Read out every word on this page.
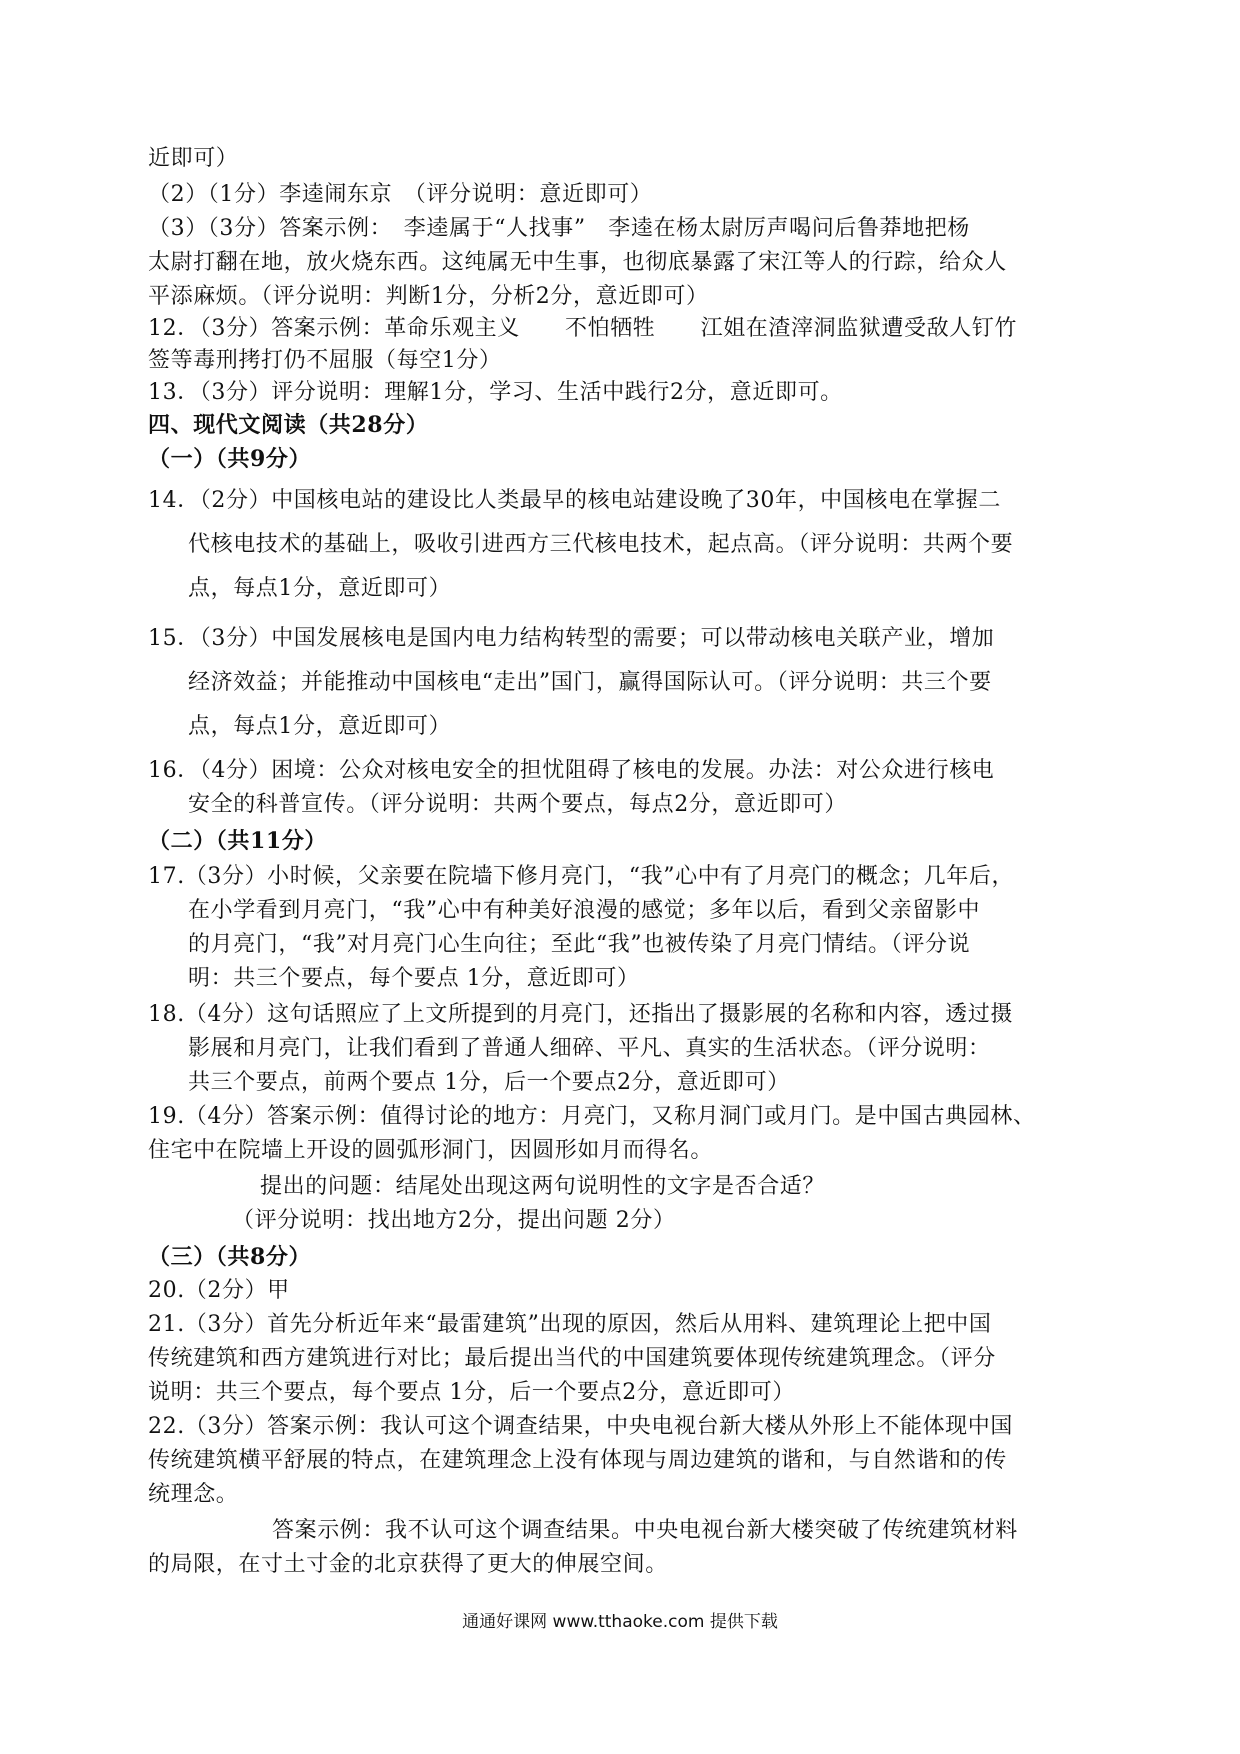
近即可）
（2）（1分）李逵闹东京　（评分说明：意近即可）
（3）（3分）答案示例：　李逵属于“人找事”　李逵在杨太尉厉声喝问后鲁莽地把杨
太尉打翻在地，放火烧东西。这纯属无中生事，也彻底暴露了宋江等人的行踪，给众人
平添麻烦。（评分说明：判断1分，分析2分，意近即可）
12．（3分）答案示例：革命乐观主义　　不怕牺牲　　江姐在渣滓洞监狱遭受敌人钉竹
签等毒刑拷打仍不屈服（每空1分）
13．（3分）评分说明：理解1分，学习、生活中践行2分，意近即可。
四、现代文阅读（共28分）
（一）（共9分）
14．（2分）中国核电站的建设比人类最早的核电站建设晚了30年，中国核电在掌握二
代核电技术的基础上，吸收引进西方三代核电技术，起点高。（评分说明：共两个要
点，每点1分，意近即可）
15．（3分）中国发展核电是国内电力结构转型的需要；可以带动核电关联产业，增加
经济效益；并能推动中国核电“走出”国门，赢得国际认可。（评分说明：共三个要
点，每点1分，意近即可）
16．（4分）困境：公众对核电安全的担忧阻碍了核电的发展。办法：对公众进行核电
安全的科普宣传。（评分说明：共两个要点，每点2分，意近即可）
（二）（共11分）
17.（3分）小时候，父亲要在院墙下修月亮门，“我”心中有了月亮门的概念；几年后，
在小学看到月亮门，“我”心中有种美好浪漫的感觉；多年以后，看到父亲留影中
的月亮门，“我”对月亮门心生向往；至此“我”也被传染了月亮门情结。（评分说
明：共三个要点，每个要点 1分，意近即可）
18.（4分）这句话照应了上文所提到的月亮门，还指出了摄影展的名称和内容，透过摄
影展和月亮门，让我们看到了普通人细碎、平凡、真实的生活状态。（评分说明：
共三个要点，前两个要点 1分，后一个要点2分，意近即可）
19.（4分）答案示例：值得讨论的地方：月亮门，又称月洞门或月门。是中国古典园林、
住宅中在院墙上开设的圆弧形洞门，因圆形如月而得名。
提出的问题：结尾处出现这两句说明性的文字是否合适？
（评分说明：找出地方2分，提出问题 2分）
（三）（共8分）
20.（2分）甲
21.（3分）首先分析近年来“最雷建筑”出现的原因，然后从用料、建筑理论上把中国
传统建筑和西方建筑进行对比；最后提出当代的中国建筑要体现传统建筑理念。（评分
说明：共三个要点，每个要点 1分，后一个要点2分，意近即可）
22.（3分）答案示例：我认可这个调查结果，中央电视台新大楼从外形上不能体现中国
传统建筑横平舒展的特点，在建筑理念上没有体现与周边建筑的谐和，与自然谐和的传
统理念。
答案示例：我不认可这个调查结果。中央电视台新大楼突破了传统建筑材料
的局限，在寸土寸金的北京获得了更大的伸展空间。
通通好课网 www.tthaoke.com 提供下载
